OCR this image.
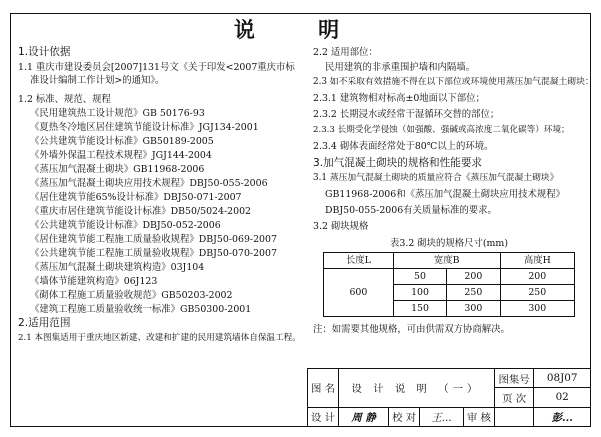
说 明
1.设计依据

1.1 重庆市建设委员会[2007]131号文《关于印发<2007重庆市标

准设计编制工作计划>的通知》。

1.2 标准、规范、规程

《民用建筑热工设计规范》GB 50176-93
《夏热冬冷地区居住建筑节能设计标准》JGJ134-2001
《公共建筑节能设计标准》GB50189-2005
《外墙外保温工程技术规程》JGJ144-2004
《蒸压加气混凝土砌块》GB11968-2006
《蒸压加气混凝土砌块应用技术规程》DBJ50-055-2006
《居住建筑节能65%设计标准》DBJ50-071-2007
《重庆市居住建筑节能设计标准》DB50/5024-2002
《公共建筑节能设计标准》DBJ50-052-2006
《居住建筑节能工程施工质量验收规程》DBJ50-069-2007
《公共建筑节能工程施工质量验收规程》DBJ50-070-2007
《蒸压加气混凝土砌块建筑构造》03J104
《墙体节能建筑构造》06J123
《砌体工程施工质量验收规范》GB50203-2002
《建筑工程施工质量验收统一标准》GB50300-2001
2.适用范围

2.1 本图集适用于重庆地区新建、改建和扩建的民用建筑墙体自保温工程。

2.2 适用部位：

民用建筑的非承重围护墙和内隔墙。

2.3 如不采取有效措施不得在以下部位或环境使用蒸压加气混凝土砌块：

2.3.1 建筑物相对标高±0地面以下部位；

2.3.2 长期浸水或经常干湿循环交替的部位；

2.3.3 长期受化学侵蚀（如强酸、强碱或高浓度二氧化碳等）环境；

2.3.4 砌体表面经常处于80℃以上的环境。

3.加气混凝土砌块的规格和性能要求

3.1 蒸压加气混凝土砌块的质量应符合《蒸压加气混凝土砌块》

GB11968-2006和《蒸压加气混凝土砌块应用技术规程》

DBJ50-055-2006有关质量标准的要求。

3.2 砌块规格

表3.2 砌块的规格尺寸(mm)
长度L	宽度B		高度H
600	50	200	200
	100	250	250
	150	300	300

注：如需要其他规格，可由供需双方协商解决。

图 名	设 计 说 明 （一）				图集号	08J07
					页 次	02
设 计	周 静	校 对	王...	审 核		彭...
